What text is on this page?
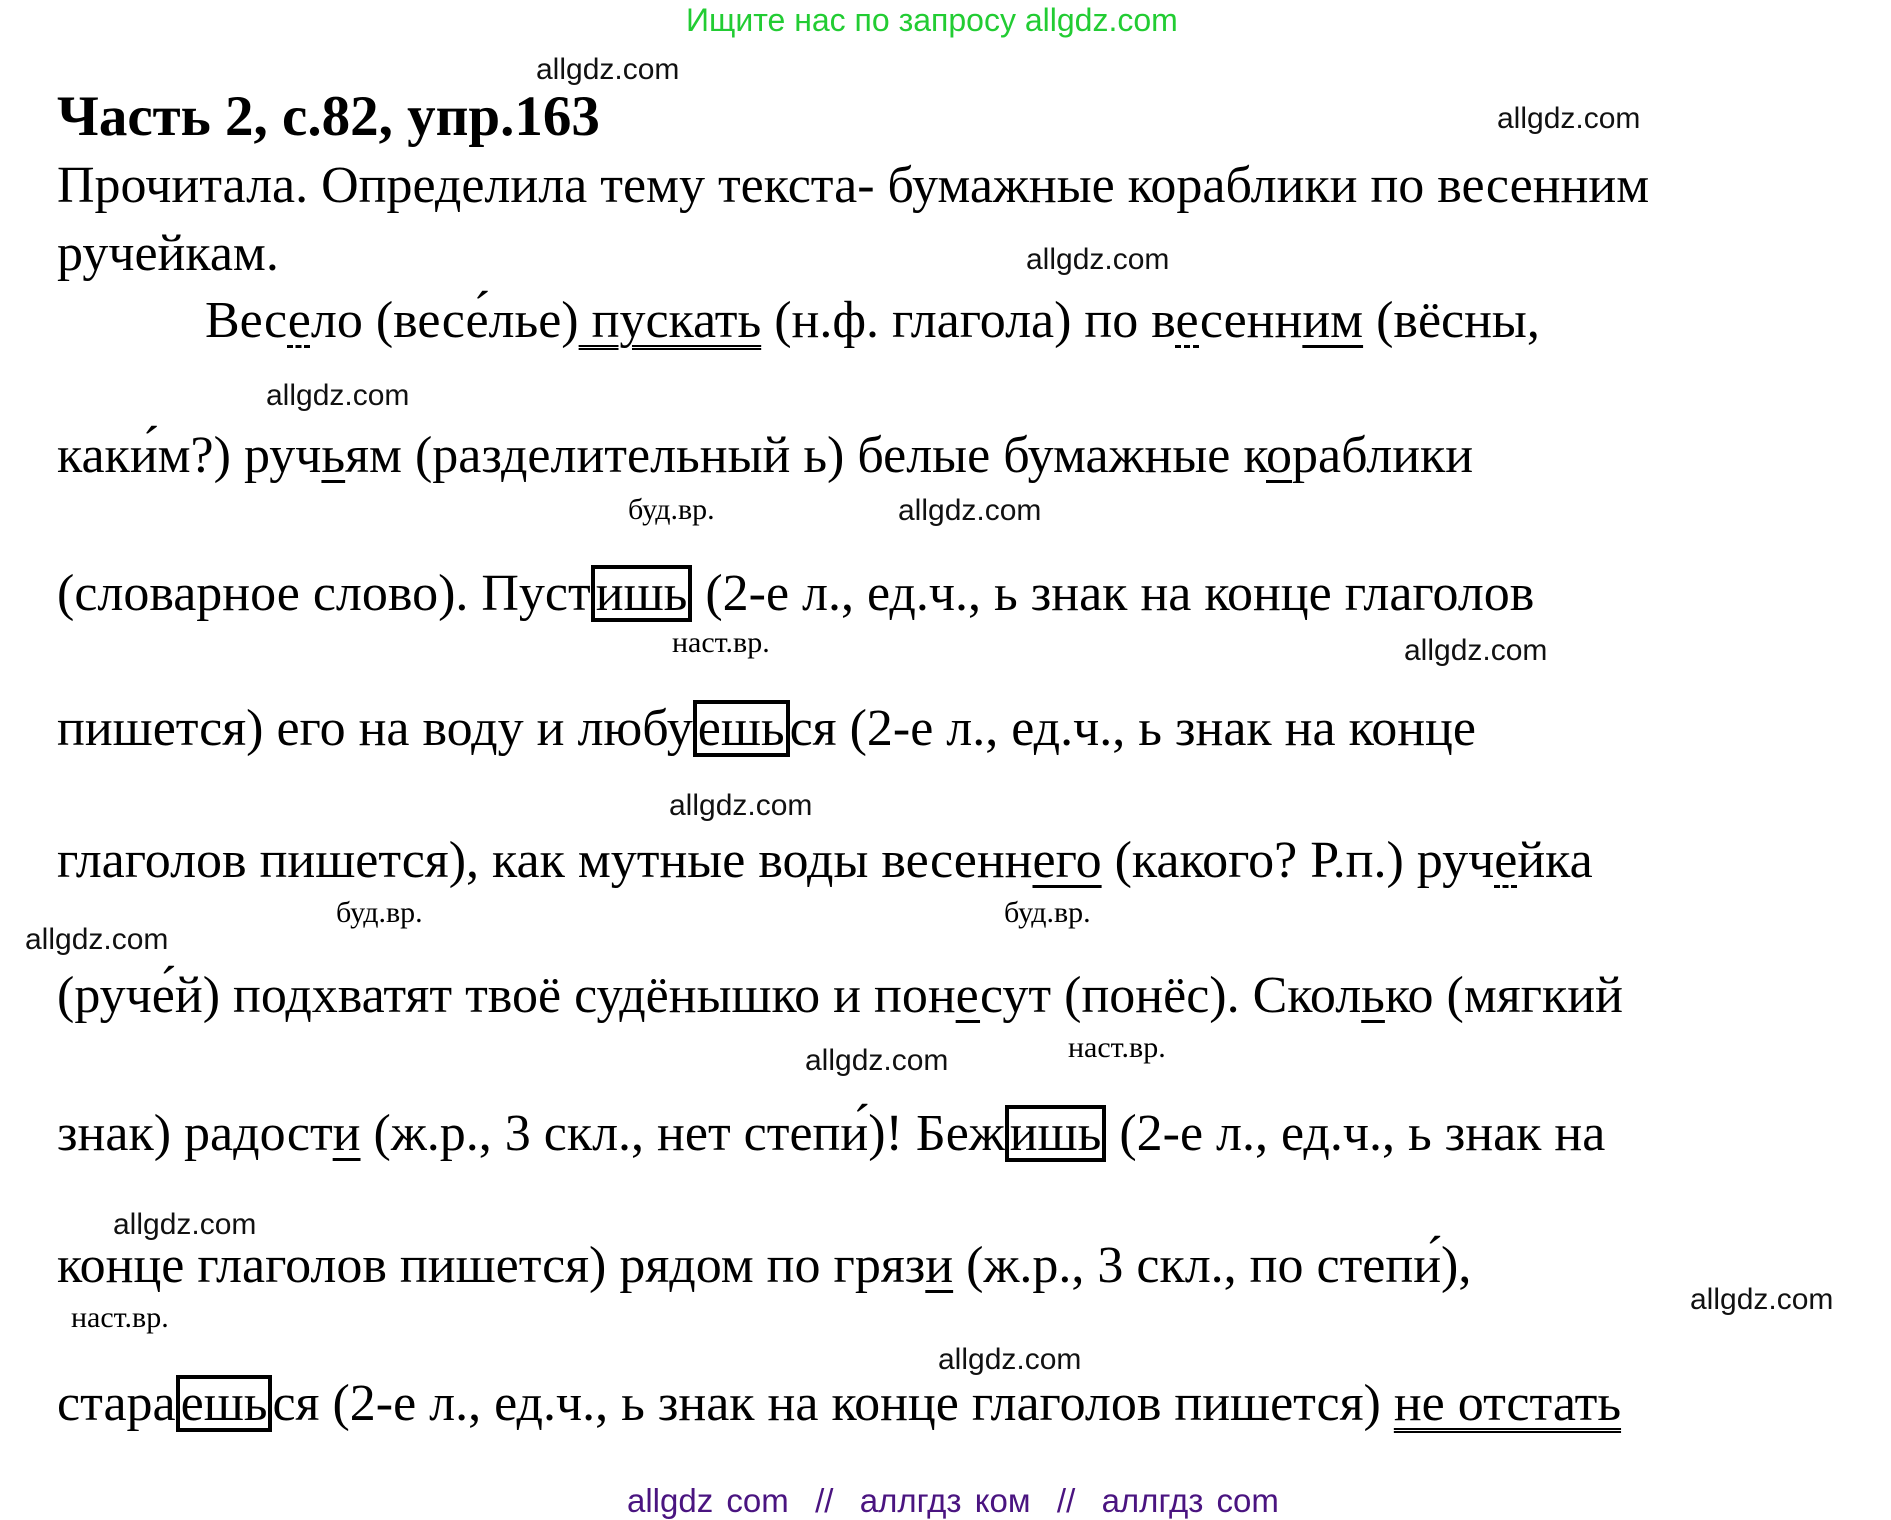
Ищите нас по запросу allgdz.com
Часть 2, с.82, упр.163
Прочитала. Определила тему текста- бумажные кораблики по весенним
ручейкам.
Весело (весе́лье) пускать (н.ф. глагола) по весенним (вёсны,
каки́м?) ручьям (разделительный ь) белые бумажные кораблики
(словарное слово). Пустишь (2-е л., ед.ч., ь знак на конце глаголов
пишется) его на воду и любуешься (2-е л., ед.ч., ь знак на конце
глаголов пишется), как мутные воды весеннего (какого? Р.п.) ручейка
(руче́й) подхватят твоё судёнышко и понесут (понёс). Сколько (мягкий
знак) радости (ж.р., 3 скл., нет степи́)! Бежишь (2-е л., ед.ч., ь знак на
конце глаголов пишется) рядом по грязи (ж.р., 3 скл., по степи́),
стараешься (2-е л., ед.ч., ь знак на конце глаголов пишется) не отстать
буд.вр.
наст.вр.
буд.вр.	буд.вр.
наст.вр.
наст.вр.
allgdz.com
allgdz.com
allgdz.com
allgdz.com
allgdz.com
allgdz.com
allgdz.com
allgdz.com
allgdz.com
allgdz.com
allgdz.com
allgdz.com
allgdz com  //  аллгдз ком  //  аллгдз com
